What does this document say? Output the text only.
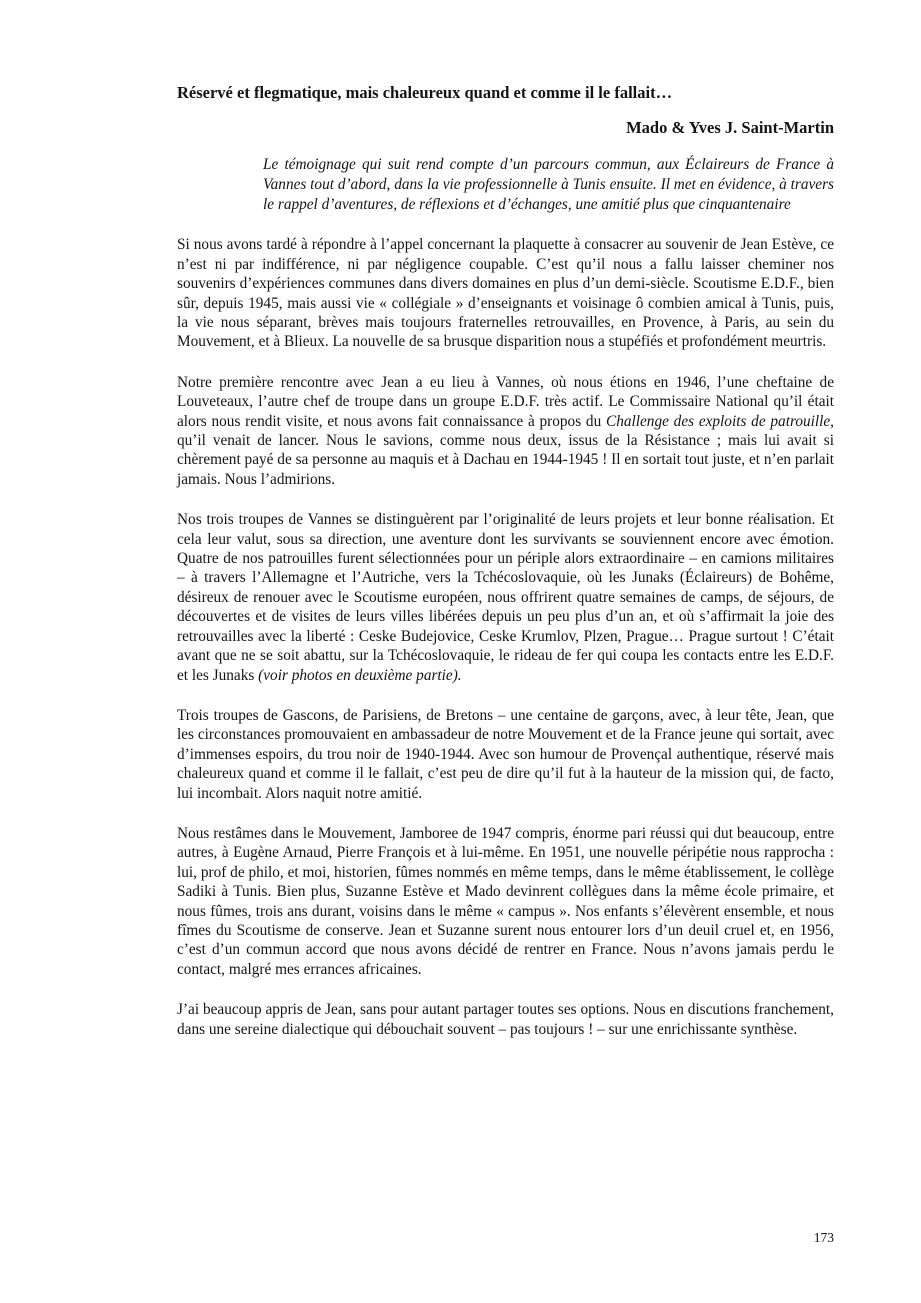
Réservé et flegmatique, mais chaleureux quand et comme il le fallait…
Mado & Yves J. Saint-Martin
Le témoignage qui suit rend compte d’un parcours commun, aux Éclaireurs de France à Vannes tout d’abord, dans la vie professionnelle à Tunis ensuite. Il met en évidence, à travers le rappel d’aventures, de réflexions et d’échanges, une amitié plus que cinquantenaire

Si nous avons tardé à répondre à l’appel concernant la plaquette à consacrer au souvenir de Jean Estève, ce n’est ni par indifférence, ni par négligence coupable. C’est qu’il nous a fallu laisser cheminer nos souvenirs d’expériences communes dans divers domaines en plus d’un demi-siècle. Scoutisme E.D.F., bien sûr, depuis 1945, mais aussi vie « collégiale » d’enseignants et voisinage ô combien amical à Tunis, puis, la vie nous séparant, brèves mais toujours fraternelles retrouvailles, en Provence, à Paris, au sein du Mouvement, et à Blieux. La nouvelle de sa brusque disparition nous a stupéfiés et profondément meurtris.

Notre première rencontre avec Jean a eu lieu à Vannes, où nous étions en 1946, l’une cheftaine de Louveteaux, l’autre chef de troupe dans un groupe E.D.F. très actif. Le Commissaire National qu’il était alors nous rendit visite, et nous avons fait connaissance à propos du Challenge des exploits de patrouille, qu’il venait de lancer. Nous le savions, comme nous deux, issus de la Résistance ; mais lui avait si chèrement payé de sa personne au maquis et à Dachau en 1944-1945 ! Il en sortait tout juste, et n’en parlait jamais. Nous l’admirions.

Nos trois troupes de Vannes se distinguèrent par l’originalité de leurs projets et leur bonne réalisation. Et cela leur valut, sous sa direction, une aventure dont les survivants se souviennent encore avec émotion. Quatre de nos patrouilles furent sélectionnées pour un périple alors extraordinaire – en camions militaires – à travers l’Allemagne et l’Autriche, vers la Tchécoslovaquie, où les Junaks (Éclaireurs) de Bohême, désireux de renouer avec le Scoutisme européen, nous offrirent quatre semaines de camps, de séjours, de découvertes et de visites de leurs villes libérées depuis un peu plus d’un an, et où s’affirmait la joie des retrouvailles avec la liberté : Ceske Budejovice, Ceske Krumlov, Plzen, Prague… Prague surtout ! C’était avant que ne se soit abattu, sur la Tchécoslovaquie, le rideau de fer qui coupa les contacts entre les E.D.F. et les Junaks (voir photos en deuxième partie).

Trois troupes de Gascons, de Parisiens, de Bretons – une centaine de garçons, avec, à leur tête, Jean, que les circonstances promouvaient en ambassadeur de notre Mouvement et de la France jeune qui sortait, avec d’immenses espoirs, du trou noir de 1940-1944. Avec son humour de Provençal authentique, réservé mais chaleureux quand et comme il le fallait, c’est peu de dire qu’il fut à la hauteur de la mission qui, de facto, lui incombait. Alors naquit notre amitié.

Nous restâmes dans le Mouvement, Jamboree de 1947 compris, énorme pari réussi qui dut beaucoup, entre autres, à Eugène Arnaud, Pierre François et à lui-même. En 1951, une nouvelle péripétie nous rapprocha : lui, prof de philo, et moi, historien, fûmes nommés en même temps, dans le même établissement, le collège Sadiki à Tunis. Bien plus, Suzanne Estève et Mado devinrent collègues dans la même école primaire, et nous fûmes, trois ans durant, voisins dans le même « campus ». Nos enfants s’élevèrent ensemble, et nous fîmes du Scoutisme de conserve. Jean et Suzanne surent nous entourer lors d’un deuil cruel et, en 1956, c’est d’un commun accord que nous avons décidé de rentrer en France. Nous n’avons jamais perdu le contact, malgré mes errances africaines.

J’ai beaucoup appris de Jean, sans pour autant partager toutes ses options. Nous en discutions franchement, dans une sereine dialectique qui débouchait souvent – pas toujours ! – sur une enrichissante synthèse.

173
